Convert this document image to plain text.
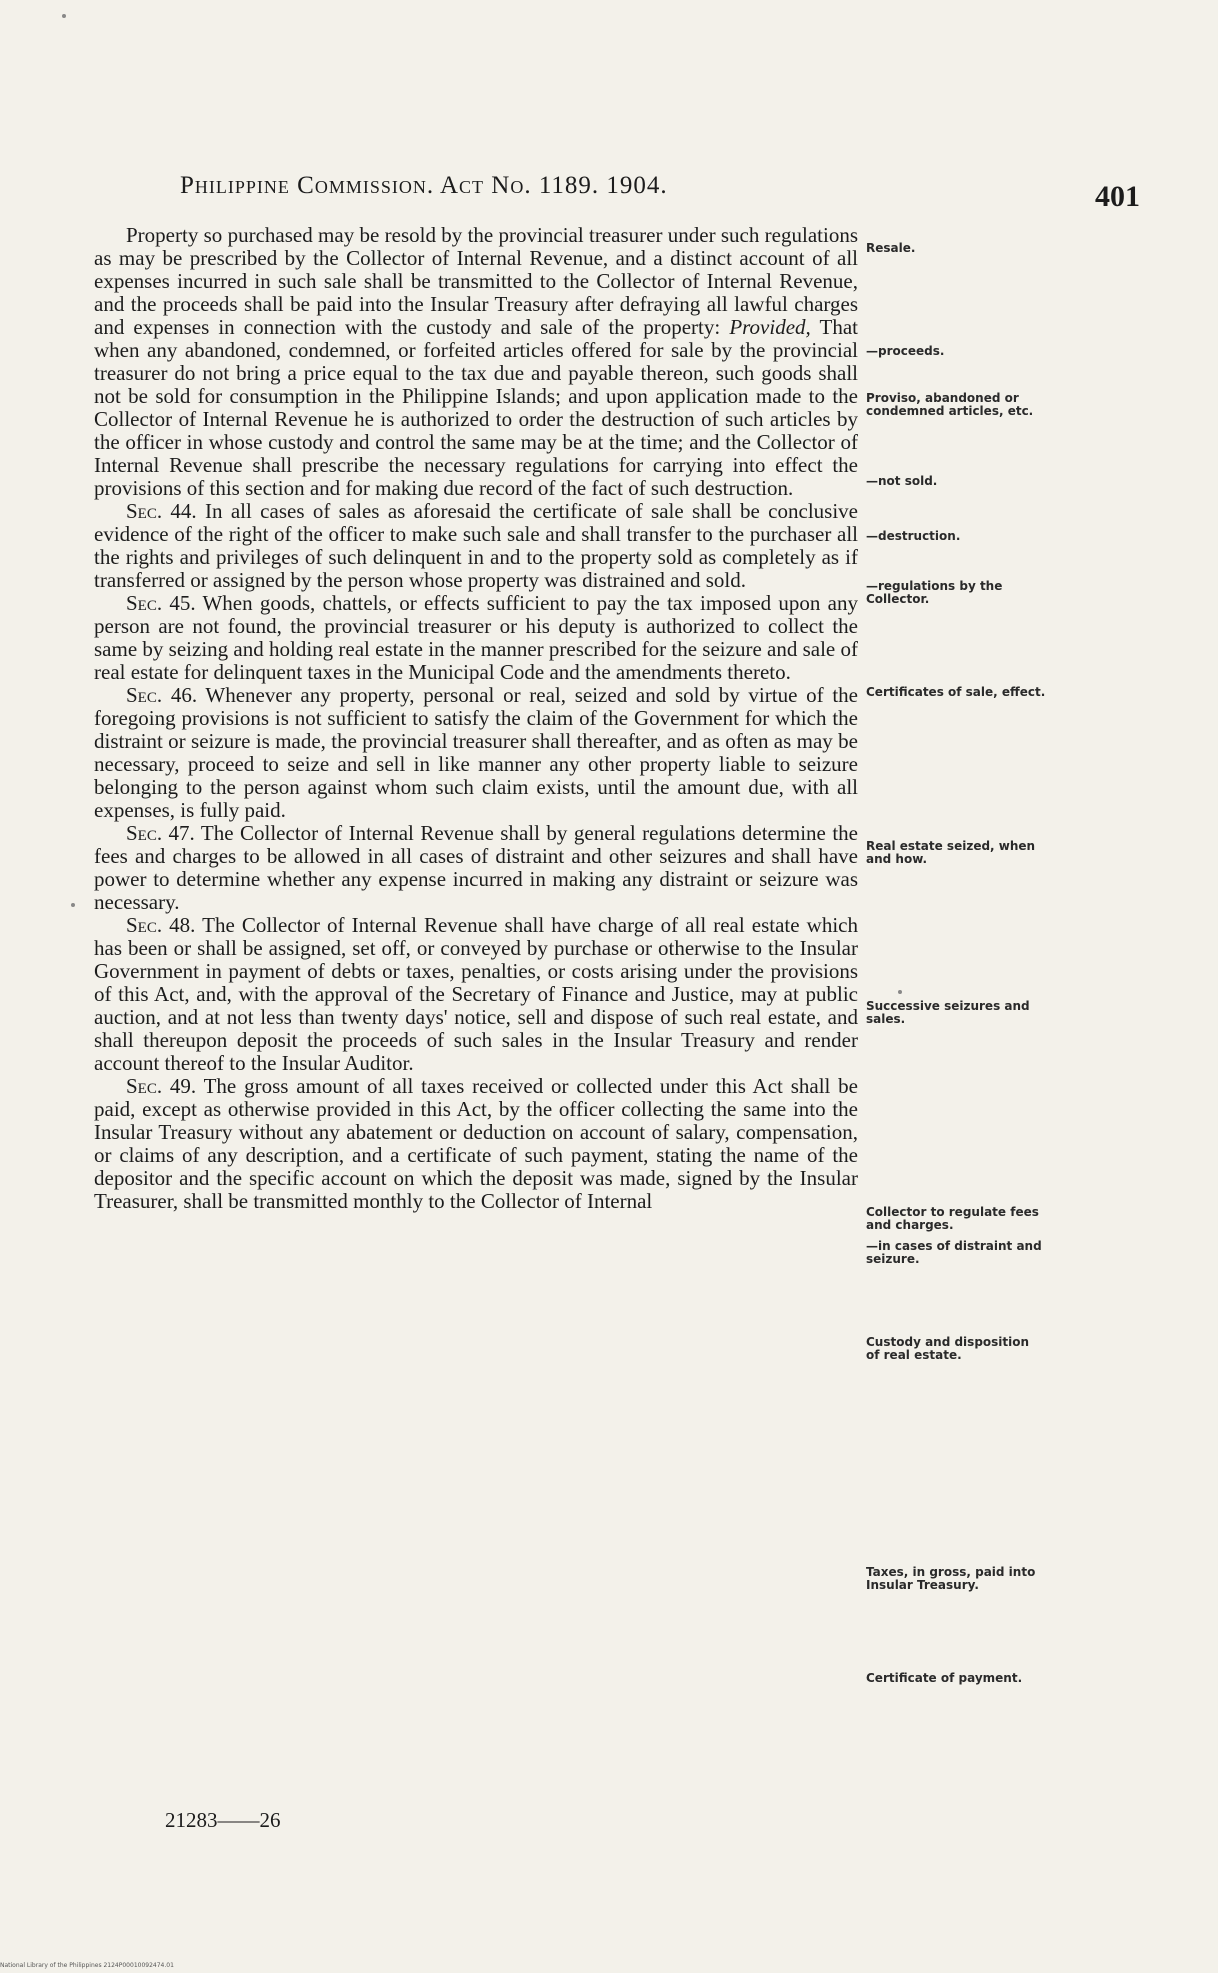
Philippine Commission. Act No. 1189. 1904.	401

Property so purchased may be resold by the provincial treasurer under such regulations as may be prescribed by the Collector of Internal Revenue, and a distinct account of all expenses incurred in such sale shall be transmitted to the Collector of Internal Revenue, and the proceeds shall be paid into the Insular Treasury after defraying all lawful charges and expenses in connection with the custody and sale of the property: Provided, That when any abandoned, condemned, or forfeited articles offered for sale by the provincial treasurer do not bring a price equal to the tax due and payable thereon, such goods shall not be sold for consumption in the Philippine Islands; and upon application made to the Collector of Internal Revenue he is authorized to order the destruction of such articles by the officer in whose custody and control the same may be at the time; and the Collector of Internal Revenue shall prescribe the necessary regulations for carrying into effect the provisions of this section and for making due record of the fact of such destruction.

Sec. 44. In all cases of sales as aforesaid the certificate of sale shall be conclusive evidence of the right of the officer to make such sale and shall transfer to the purchaser all the rights and privileges of such delinquent in and to the property sold as completely as if transferred or assigned by the person whose property was distrained and sold.

Sec. 45. When goods, chattels, or effects sufficient to pay the tax imposed upon any person are not found, the provincial treasurer or his deputy is authorized to collect the same by seizing and holding real estate in the manner prescribed for the seizure and sale of real estate for delinquent taxes in the Municipal Code and the amendments thereto.

Sec. 46. Whenever any property, personal or real, seized and sold by virtue of the foregoing provisions is not sufficient to satisfy the claim of the Government for which the distraint or seizure is made, the provincial treasurer shall thereafter, and as often as may be necessary, proceed to seize and sell in like manner any other property liable to seizure belonging to the person against whom such claim exists, until the amount due, with all expenses, is fully paid.

Sec. 47. The Collector of Internal Revenue shall by general regulations determine the fees and charges to be allowed in all cases of distraint and other seizures and shall have power to determine whether any expense incurred in making any distraint or seizure was necessary.

Sec. 48. The Collector of Internal Revenue shall have charge of all real estate which has been or shall be assigned, set off, or conveyed by purchase or otherwise to the Insular Government in payment of debts or taxes, penalties, or costs arising under the provisions of this Act, and, with the approval of the Secretary of Finance and Justice, may at public auction, and at not less than twenty days' notice, sell and dispose of such real estate, and shall thereupon deposit the proceeds of such sales in the Insular Treasury and render account thereof to the Insular Auditor.

Sec. 49. The gross amount of all taxes received or collected under this Act shall be paid, except as otherwise provided in this Act, by the officer collecting the same into the Insular Treasury without any abatement or deduction on account of salary, compensation, or claims of any description, and a certificate of such payment, stating the name of the depositor and the specific account on which the deposit was made, signed by the Insular Treasurer, shall be transmitted monthly to the Collector of Internal

Resale.
—proceeds.
Proviso, abandoned or condemned articles, etc.
—not sold.
—destruction.
—regulations by the Collector.
Certificates of sale, effect.
Real estate seized, when and how.
Successive seizures and sales.
Collector to regulate fees and charges.
—in cases of distraint and seizure.
Custody and disposition of real estate.
Taxes, in gross, paid into Insular Treasury.
Certificate of payment.
21283——26
National Library of the Philippines 2124P00010092474.01
